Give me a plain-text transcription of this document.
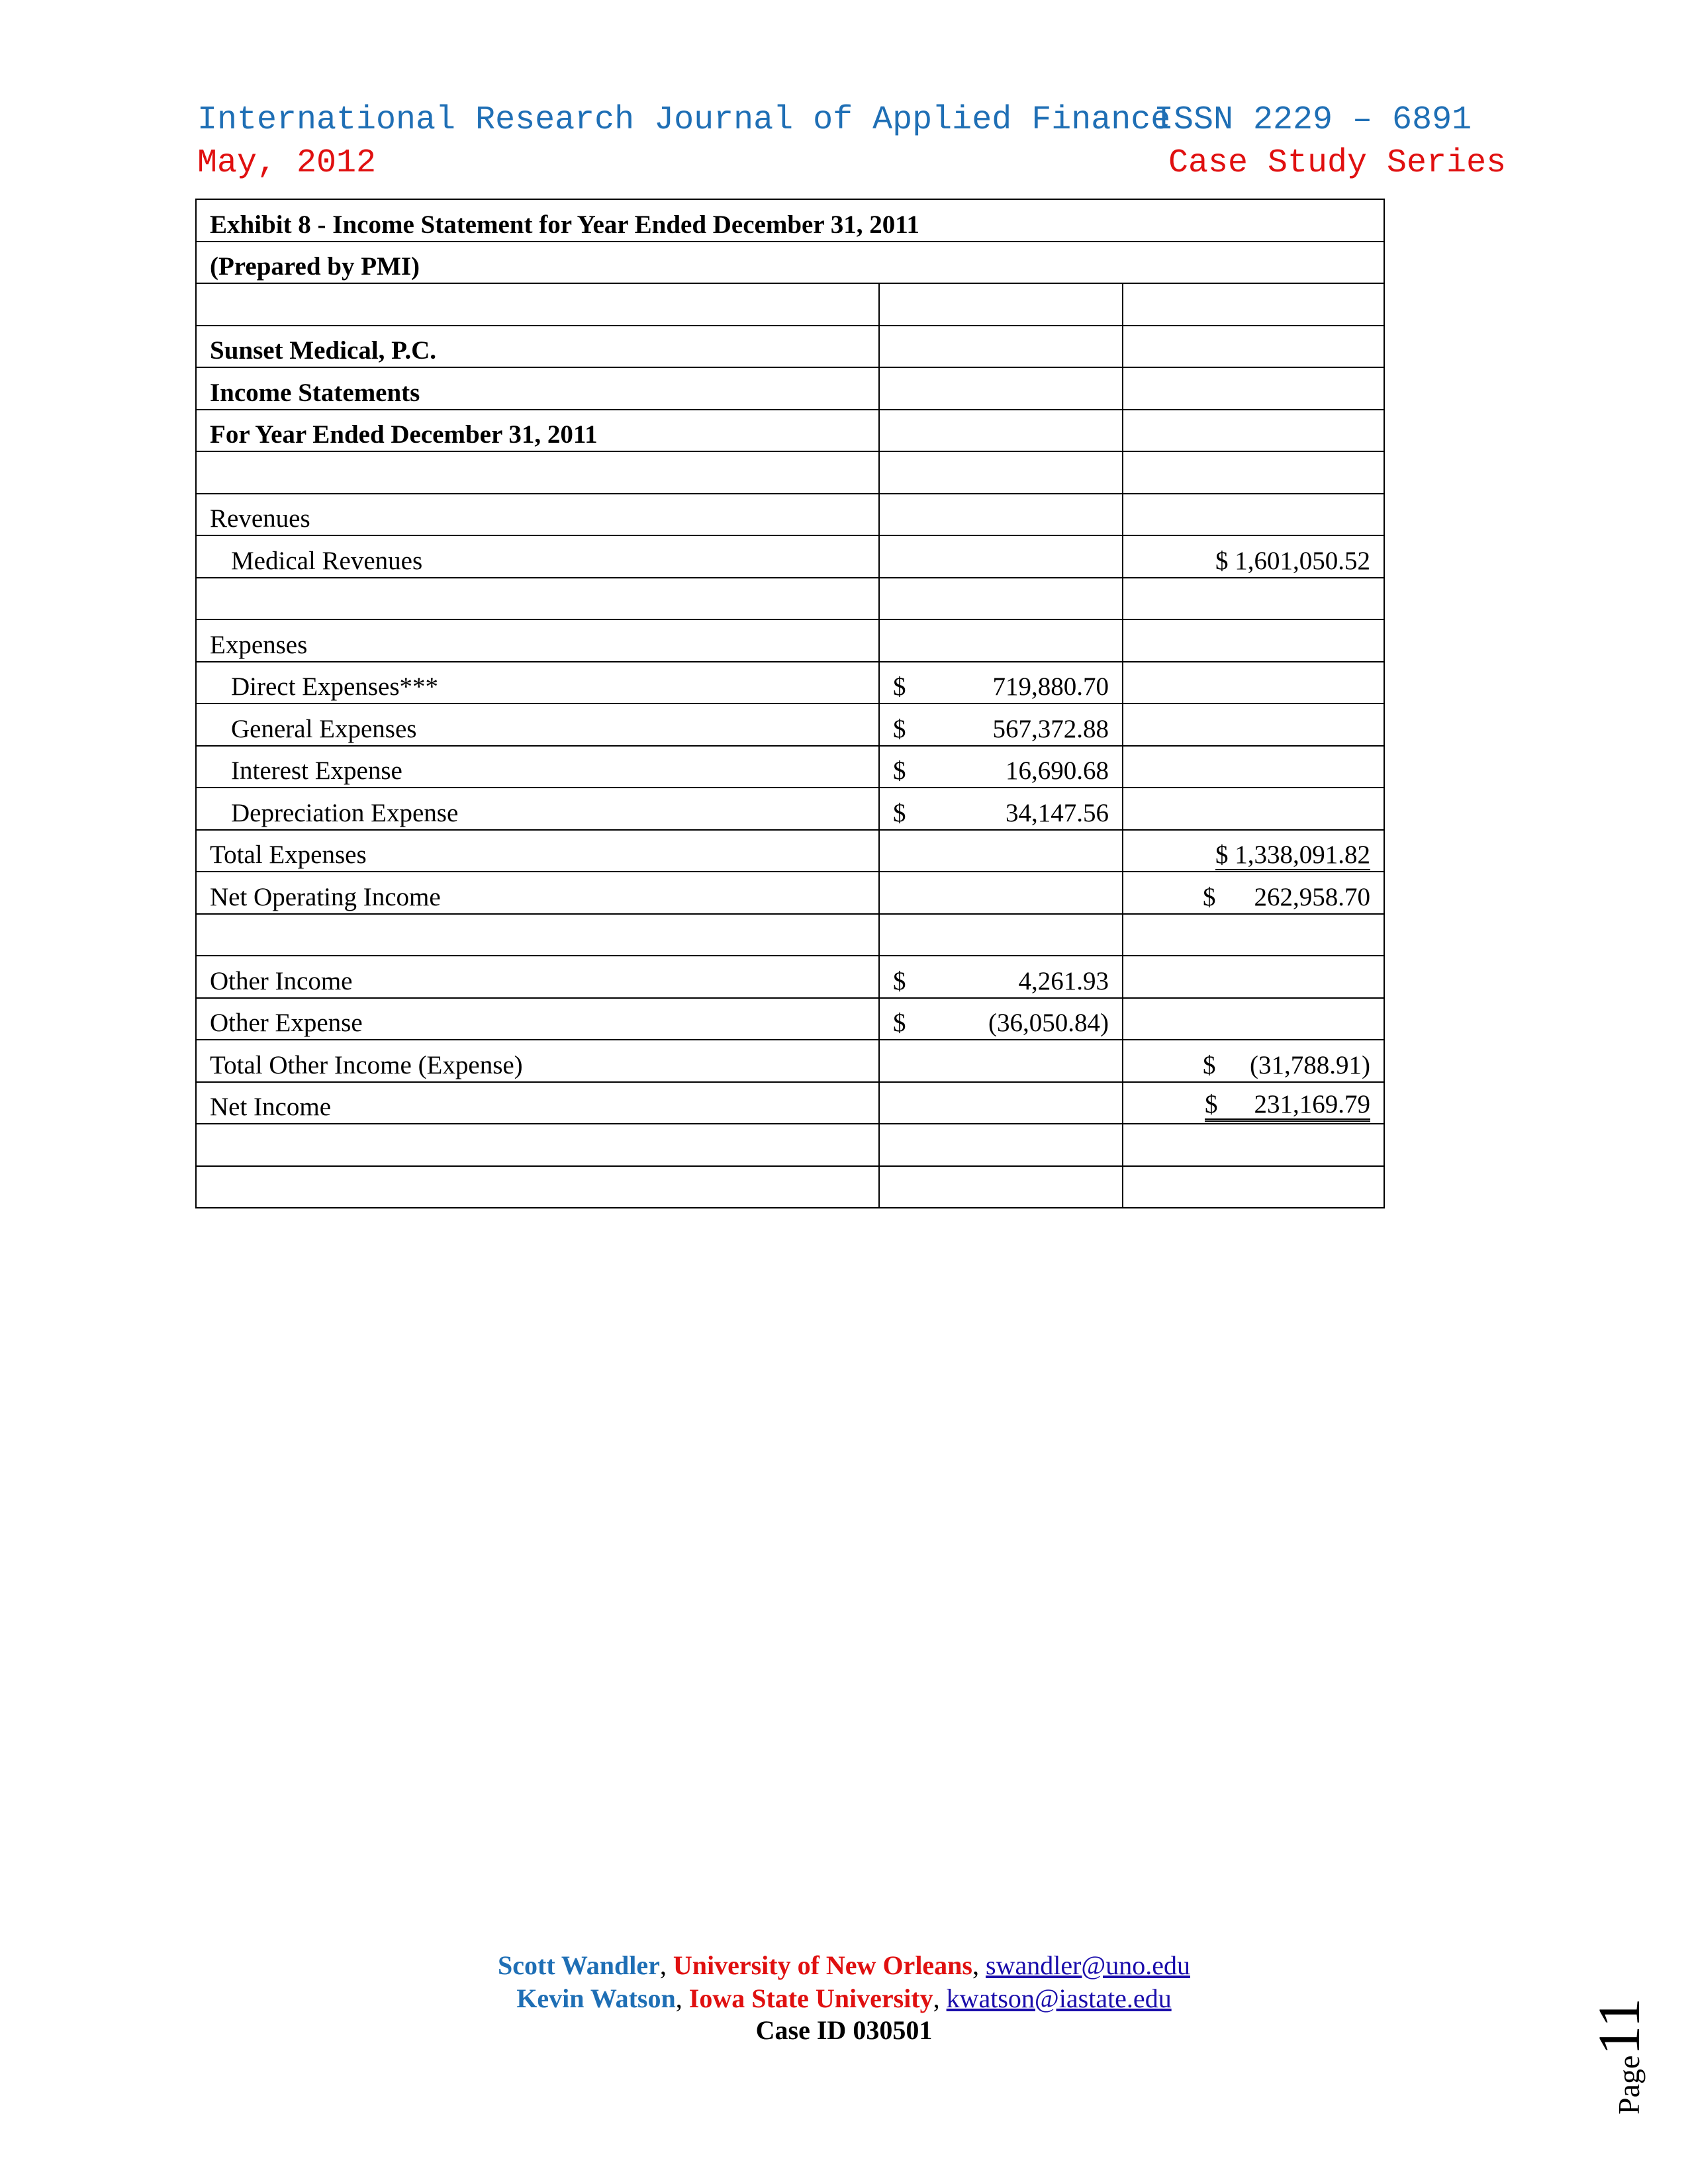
International Research Journal of Applied Finance
ISSN 2229 – 6891
May, 2012	Case Study Series
Exhibit 8 - Income Statement for Year Ended December 31, 2011		
(Prepared by PMI)		

Sunset Medical, P.C.		
Income Statements		
For Year Ended December 31, 2011		

Revenues		
Medical Revenues		$ 1,601,050.52

Expenses		
Direct Expenses***	$ 719,880.70	
General Expenses	$ 567,372.88	
Interest Expense	$ 16,690.68	
Depreciation Expense	$ 34,147.56	
Total Expenses		$ 1,338,091.82
Net Operating Income		$ 262,958.70

Other Income	$ 4,261.93	
Other Expense	$ (36,050.84)	
Total Other Income (Expense)		$ (31,788.91)
Net Income		$ 231,169.79

Scott Wandler, University of New Orleans, swandler@uno.edu
Kevin Watson, Iowa State University, kwatson@iastate.edu
Case ID 030501
Page11
